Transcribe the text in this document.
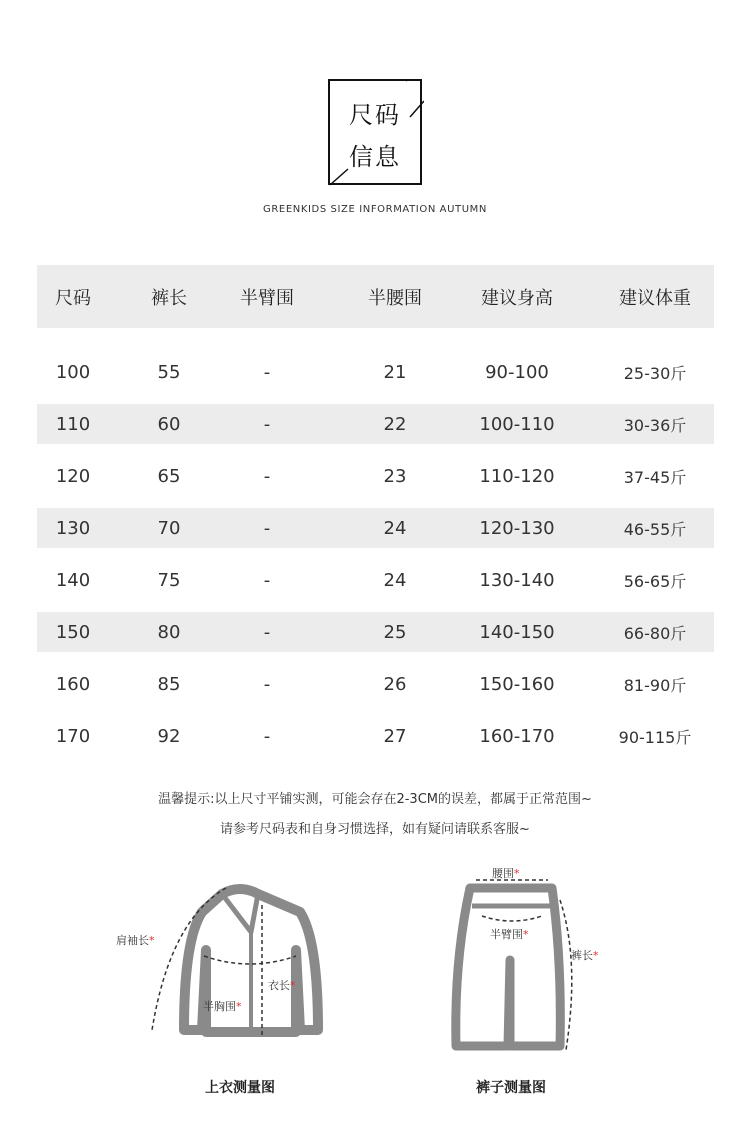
尺码
信息
GREENKIDS SIZE INFORMATION AUTUMN
尺码	裤长	半臂围	半腰围	建议身高	建议体重
100	55	-	21	90-100	25-30斤
110	60	-	22	100-110	30-36斤
120	65	-	23	110-120	37-45斤
130	70	-	24	120-130	46-55斤
140	75	-	24	130-140	56-65斤
150	80	-	25	140-150	66-80斤
160	85	-	26	150-160	81-90斤
170	92	-	27	160-170	90-115斤
温馨提示:以上尺寸平铺实测，可能会存在2-3CM的误差，都属于正常范围~
请参考尺码表和自身习惯选择，如有疑问请联系客服~
肩袖长*
衣长*
半胸围*
上衣测量图
腰围*
半臂围*
裤长*
裤子测量图
